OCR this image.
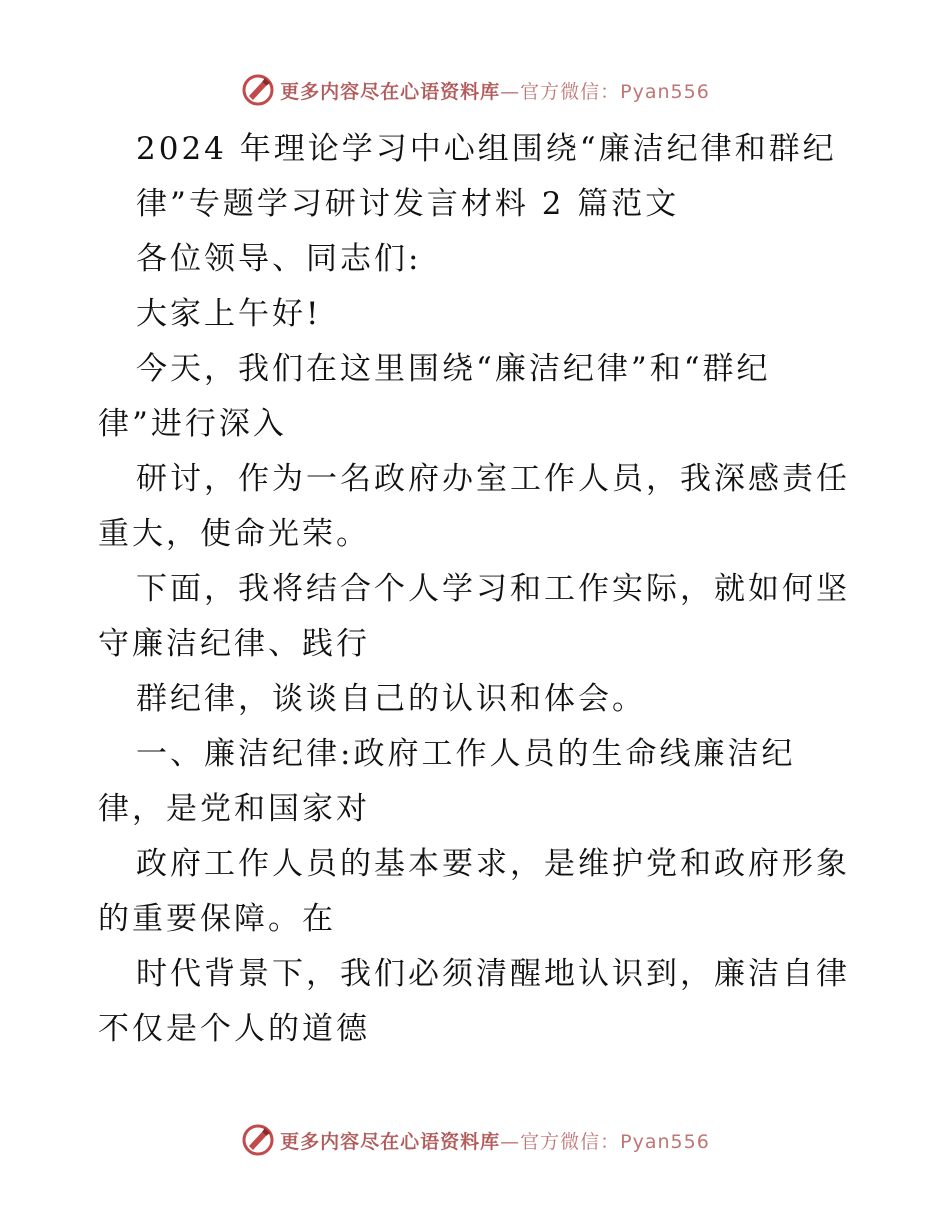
更多内容尽在心语资料库—官方微信：Pyan556
2024 年理论学习中心组围绕“廉洁纪律和群纪
律”专题学习研讨发言材料 2 篇范文
各位领导、同志们:
大家上午好!
今天，我们在这里围绕“廉洁纪律”和“群纪
律”进行深入
研讨，作为一名政府办室工作人员，我深感责任
重大，使命光荣。
下面，我将结合个人学习和工作实际，就如何坚
守廉洁纪律、践行
群纪律，谈谈自己的认识和体会。
一、廉洁纪律:政府工作人员的生命线廉洁纪
律，是党和国家对
政府工作人员的基本要求，是维护党和政府形象
的重要保障。在
时代背景下，我们必须清醒地认识到，廉洁自律
不仅是个人的道德
更多内容尽在心语资料库—官方微信：Pyan556
